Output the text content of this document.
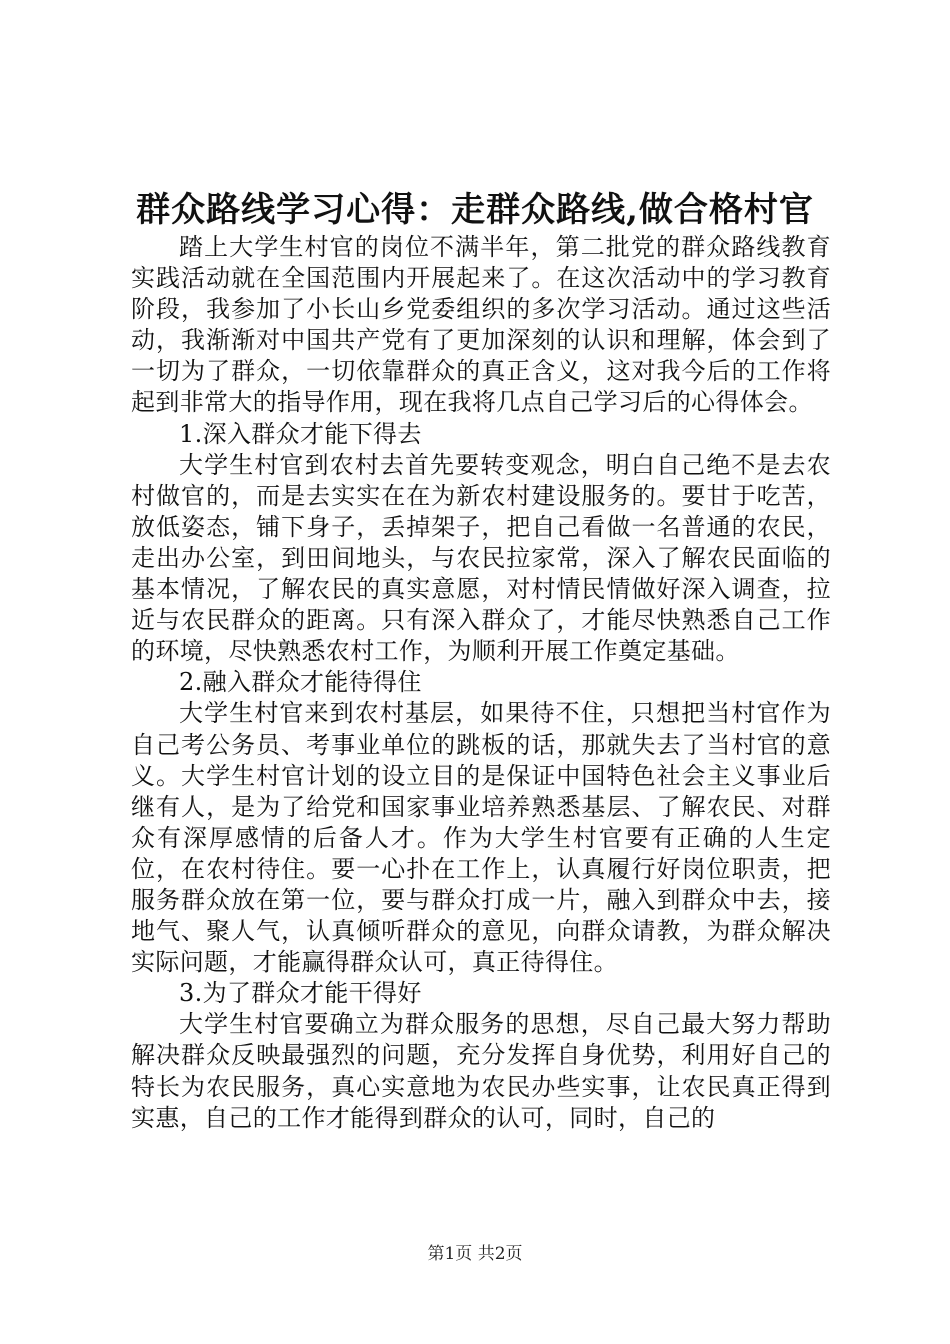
群众路线学习心得：走群众路线,做合格村官

踏上大学生村官的岗位不满半年，第二批党的群众路线教育实践活动就在全国范围内开展起来了。在这次活动中的学习教育阶段，我参加了小长山乡党委组织的多次学习活动。通过这些活动，我渐渐对中国共产党有了更加深刻的认识和理解，体会到了一切为了群众，一切依靠群众的真正含义，这对我今后的工作将起到非常大的指导作用，现在我将几点自己学习后的心得体会。

1.深入群众才能下得去

大学生村官到农村去首先要转变观念，明白自己绝不是去农村做官的，而是去实实在在为新农村建设服务的。要甘于吃苦，放低姿态，铺下身子，丢掉架子，把自己看做一名普通的农民，走出办公室，到田间地头，与农民拉家常，深入了解农民面临的基本情况，了解农民的真实意愿，对村情民情做好深入调查，拉近与农民群众的距离。只有深入群众了，才能尽快熟悉自己工作的环境，尽快熟悉农村工作，为顺利开展工作奠定基础。

2.融入群众才能待得住

大学生村官来到农村基层，如果待不住，只想把当村官作为自己考公务员、考事业单位的跳板的话，那就失去了当村官的意义。大学生村官计划的设立目的是保证中国特色社会主义事业后继有人，是为了给党和国家事业培养熟悉基层、了解农民、对群众有深厚感情的后备人才。作为大学生村官要有正确的人生定位，在农村待住。要一心扑在工作上，认真履行好岗位职责，把服务群众放在第一位，要与群众打成一片，融入到群众中去，接地气、聚人气，认真倾听群众的意见，向群众请教，为群众解决实际问题，才能赢得群众认可，真正待得住。

3.为了群众才能干得好

大学生村官要确立为群众服务的思想，尽自己最大努力帮助解决群众反映最强烈的问题，充分发挥自身优势，利用好自己的特长为农民服务，真心实意地为农民办些实事，让农民真正得到实惠，自己的工作才能得到群众的认可，同时，自己的

第1页 共2页
